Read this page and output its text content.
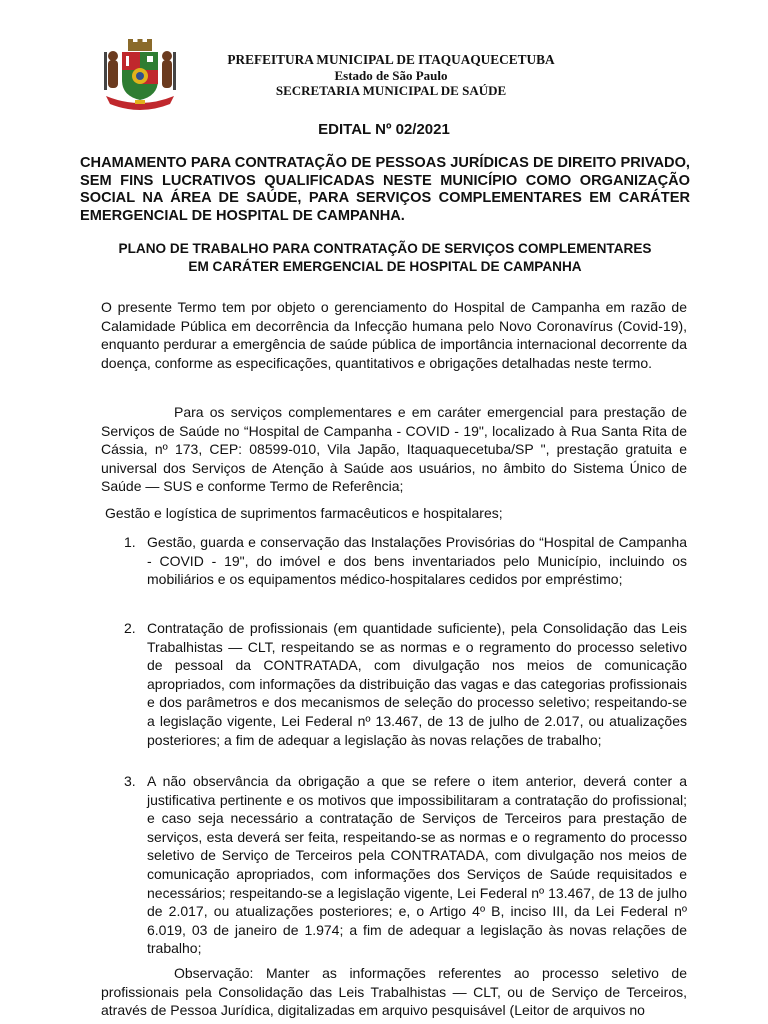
PREFEITURA MUNICIPAL DE ITAQUAQUECETUBA
Estado de São Paulo
SECRETARIA MUNICIPAL DE SAÚDE
EDITAL Nº 02/2021
CHAMAMENTO PARA CONTRATAÇÃO DE PESSOAS JURÍDICAS DE DIREITO PRIVADO, SEM FINS LUCRATIVOS QUALIFICADAS NESTE MUNICÍPIO COMO ORGANIZAÇÃO SOCIAL NA ÁREA DE SAÚDE, PARA SERVIÇOS COMPLEMENTARES EM CARÁTER EMERGENCIAL DE HOSPITAL DE CAMPANHA.
PLANO DE TRABALHO PARA CONTRATAÇÃO DE SERVIÇOS COMPLEMENTARES
EM CARÁTER EMERGENCIAL DE HOSPITAL DE CAMPANHA
O presente Termo tem por objeto o gerenciamento do Hospital de Campanha em razão de Calamidade Pública em decorrência da Infecção humana pelo Novo Coronavírus (Covid-19), enquanto perdurar a emergência de saúde pública de importância internacional decorrente da doença, conforme as especificações, quantitativos e obrigações detalhadas neste termo.
Para os serviços complementares e em caráter emergencial para prestação de Serviços de Saúde no “Hospital de Campanha - COVID - 19", localizado à Rua Santa Rita de Cássia, nº 173, CEP: 08599-010, Vila Japão, Itaquaquecetuba/SP ", prestação gratuita e universal dos Serviços de Atenção à Saúde aos usuários, no âmbito do Sistema Único de Saúde — SUS e conforme Termo de Referência;
Gestão e logística de suprimentos farmacêuticos e hospitalares;
1. Gestão, guarda e conservação das Instalações Provisórias do “Hospital de Campanha - COVID - 19", do imóvel e dos bens inventariados pelo Município, incluindo os mobiliários e os equipamentos médico-hospitalares cedidos por empréstimo;
2. Contratação de profissionais (em quantidade suficiente), pela Consolidação das Leis Trabalhistas — CLT, respeitando se as normas e o regramento do processo seletivo de pessoal da CONTRATADA, com divulgação nos meios de comunicação apropriados, com informações da distribuição das vagas e das categorias profissionais e dos parâmetros e dos mecanismos de seleção do processo seletivo; respeitando-se a legislação vigente, Lei Federal nº 13.467, de 13 de julho de 2.017, ou atualizações posteriores; a fim de adequar a legislação às novas relações de trabalho;
3. A não observância da obrigação a que se refere o item anterior, deverá conter a justificativa pertinente e os motivos que impossibilitaram a contratação do profissional; e caso seja necessário a contratação de Serviços de Terceiros para prestação de serviços, esta deverá ser feita, respeitando-se as normas e o regramento do processo seletivo de Serviço de Terceiros pela CONTRATADA, com divulgação nos meios de comunicação apropriados, com informações dos Serviços de Saúde requisitados e necessários; respeitando-se a legislação vigente, Lei Federal nº 13.467, de 13 de julho de 2.017, ou atualizações posteriores; e, o Artigo 4º B, inciso III, da Lei Federal nº 6.019, 03 de janeiro de 1.974; a fim de adequar a legislação às novas relações de trabalho;
Observação: Manter as informações referentes ao processo seletivo de profissionais pela Consolidação das Leis Trabalhistas — CLT, ou de Serviço de Terceiros, através de Pessoa Jurídica, digitalizadas em arquivo pesquisável (Leitor de arquivos no
